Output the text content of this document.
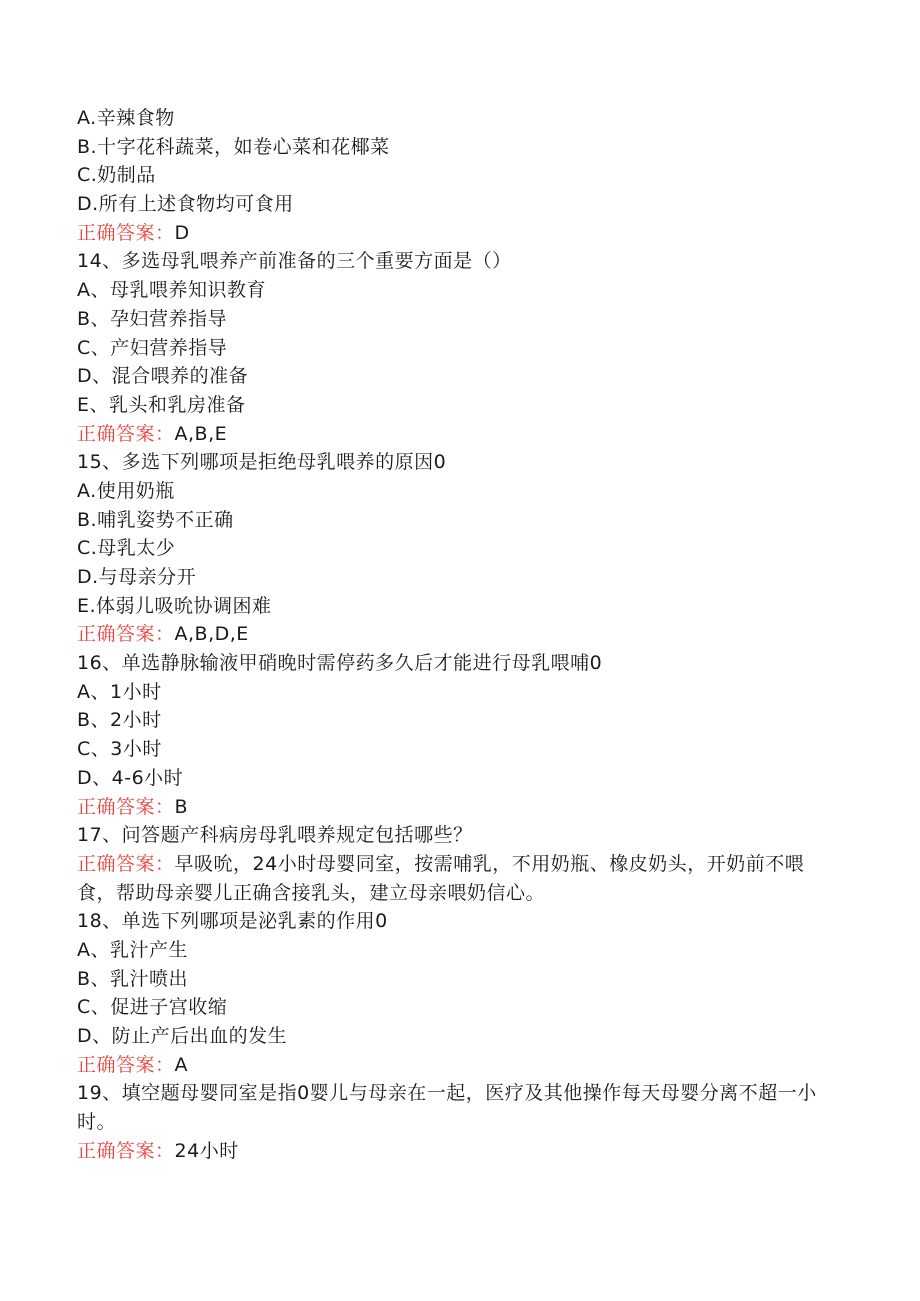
A.辛辣食物
B.十字花科蔬菜，如卷心菜和花椰菜
C.奶制品
D.所有上述食物均可食用
正确答案：D
14、多选母乳喂养产前准备的三个重要方面是（）
A、母乳喂养知识教育
B、孕妇营养指导
C、产妇营养指导
D、混合喂养的准备
E、乳头和乳房准备
正确答案：A,B,E
15、多选下列哪项是拒绝母乳喂养的原因0
A.使用奶瓶
B.哺乳姿势不正确
C.母乳太少
D.与母亲分开
E.体弱儿吸吮协调困难
正确答案：A,B,D,E
16、单选静脉输液甲硝晚时需停药多久后才能进行母乳喂哺0
A、1小时
B、2小时
C、3小时
D、4-6小时
正确答案：B
17、问答题产科病房母乳喂养规定包括哪些？
正确答案：早吸吮，24小时母婴同室，按需哺乳，不用奶瓶、橡皮奶头，开奶前不喂食，帮助母亲婴儿正确含接乳头，建立母亲喂奶信心。
18、单选下列哪项是泌乳素的作用0
A、乳汁产生
B、乳汁喷出
C、促进子宫收缩
D、防止产后出血的发生
正确答案：A
19、填空题母婴同室是指0婴儿与母亲在一起，医疗及其他操作每天母婴分离不超一小时。
正确答案：24小时
